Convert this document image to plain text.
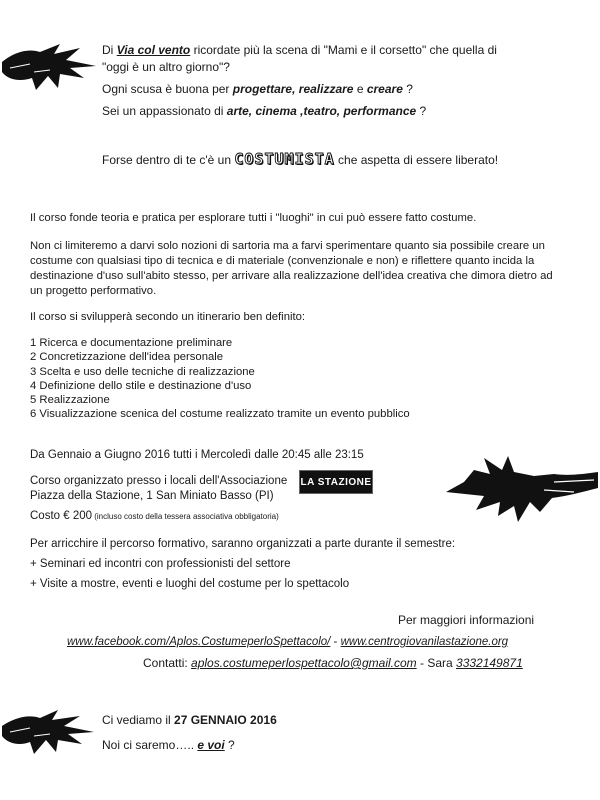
Di Via col vento ricordate più la scena di "Mami e il corsetto" che quella di
"oggi è un altro giorno"?
Ogni scusa è buona per progettare, realizzare e creare ?
Sei un appassionato di arte, cinema ,teatro, performance ?
Forse dentro di te c'è un COSTUMISTA che aspetta di essere liberato!
Il corso fonde teoria e pratica per esplorare tutti i "luoghi" in cui può essere fatto costume.
Non ci limiteremo a darvi solo nozioni di sartoria ma a farvi sperimentare quanto sia possibile creare un
costume con qualsiasi tipo di tecnica e di materiale (convenzionale e non) e riflettere quanto incida la
destinazione d'uso sull'abito stesso, per arrivare alla realizzazione dell'idea creativa che dimora dietro ad
un progetto performativo.
Il corso si svilupperà secondo un itinerario ben definito:
1 Ricerca e documentazione preliminare
2 Concretizzazione dell'idea personale
3 Scelta e uso delle tecniche di realizzazione
4 Definizione dello stile e destinazione d'uso
5 Realizzazione
6 Visualizzazione scenica del costume realizzato tramite un evento pubblico
Da Gennaio a Giugno 2016 tutti i Mercoledì dalle 20:45 alle 23:15
Corso organizzato presso i locali dell'Associazione LA STAZIONE
Piazza della Stazione, 1 San Miniato Basso (PI)
Costo € 200 (incluso costo della tessera associativa obbligatoria)
Per arricchire il percorso formativo, saranno organizzati a parte durante il semestre:
+ Seminari ed incontri con professionisti del settore
+ Visite a mostre, eventi e luoghi del costume per lo spettacolo
Per maggiori informazioni
www.facebook.com/Aplos.CostumeperloSpettacolo/ - www.centrogiovanilastazione.org
Contatti: aplos.costumeperlospettacolo@gmail.com - Sara 3332149871
Ci vediamo il 27 GENNAIO 2016
Noi ci saremo….. e voi ?
